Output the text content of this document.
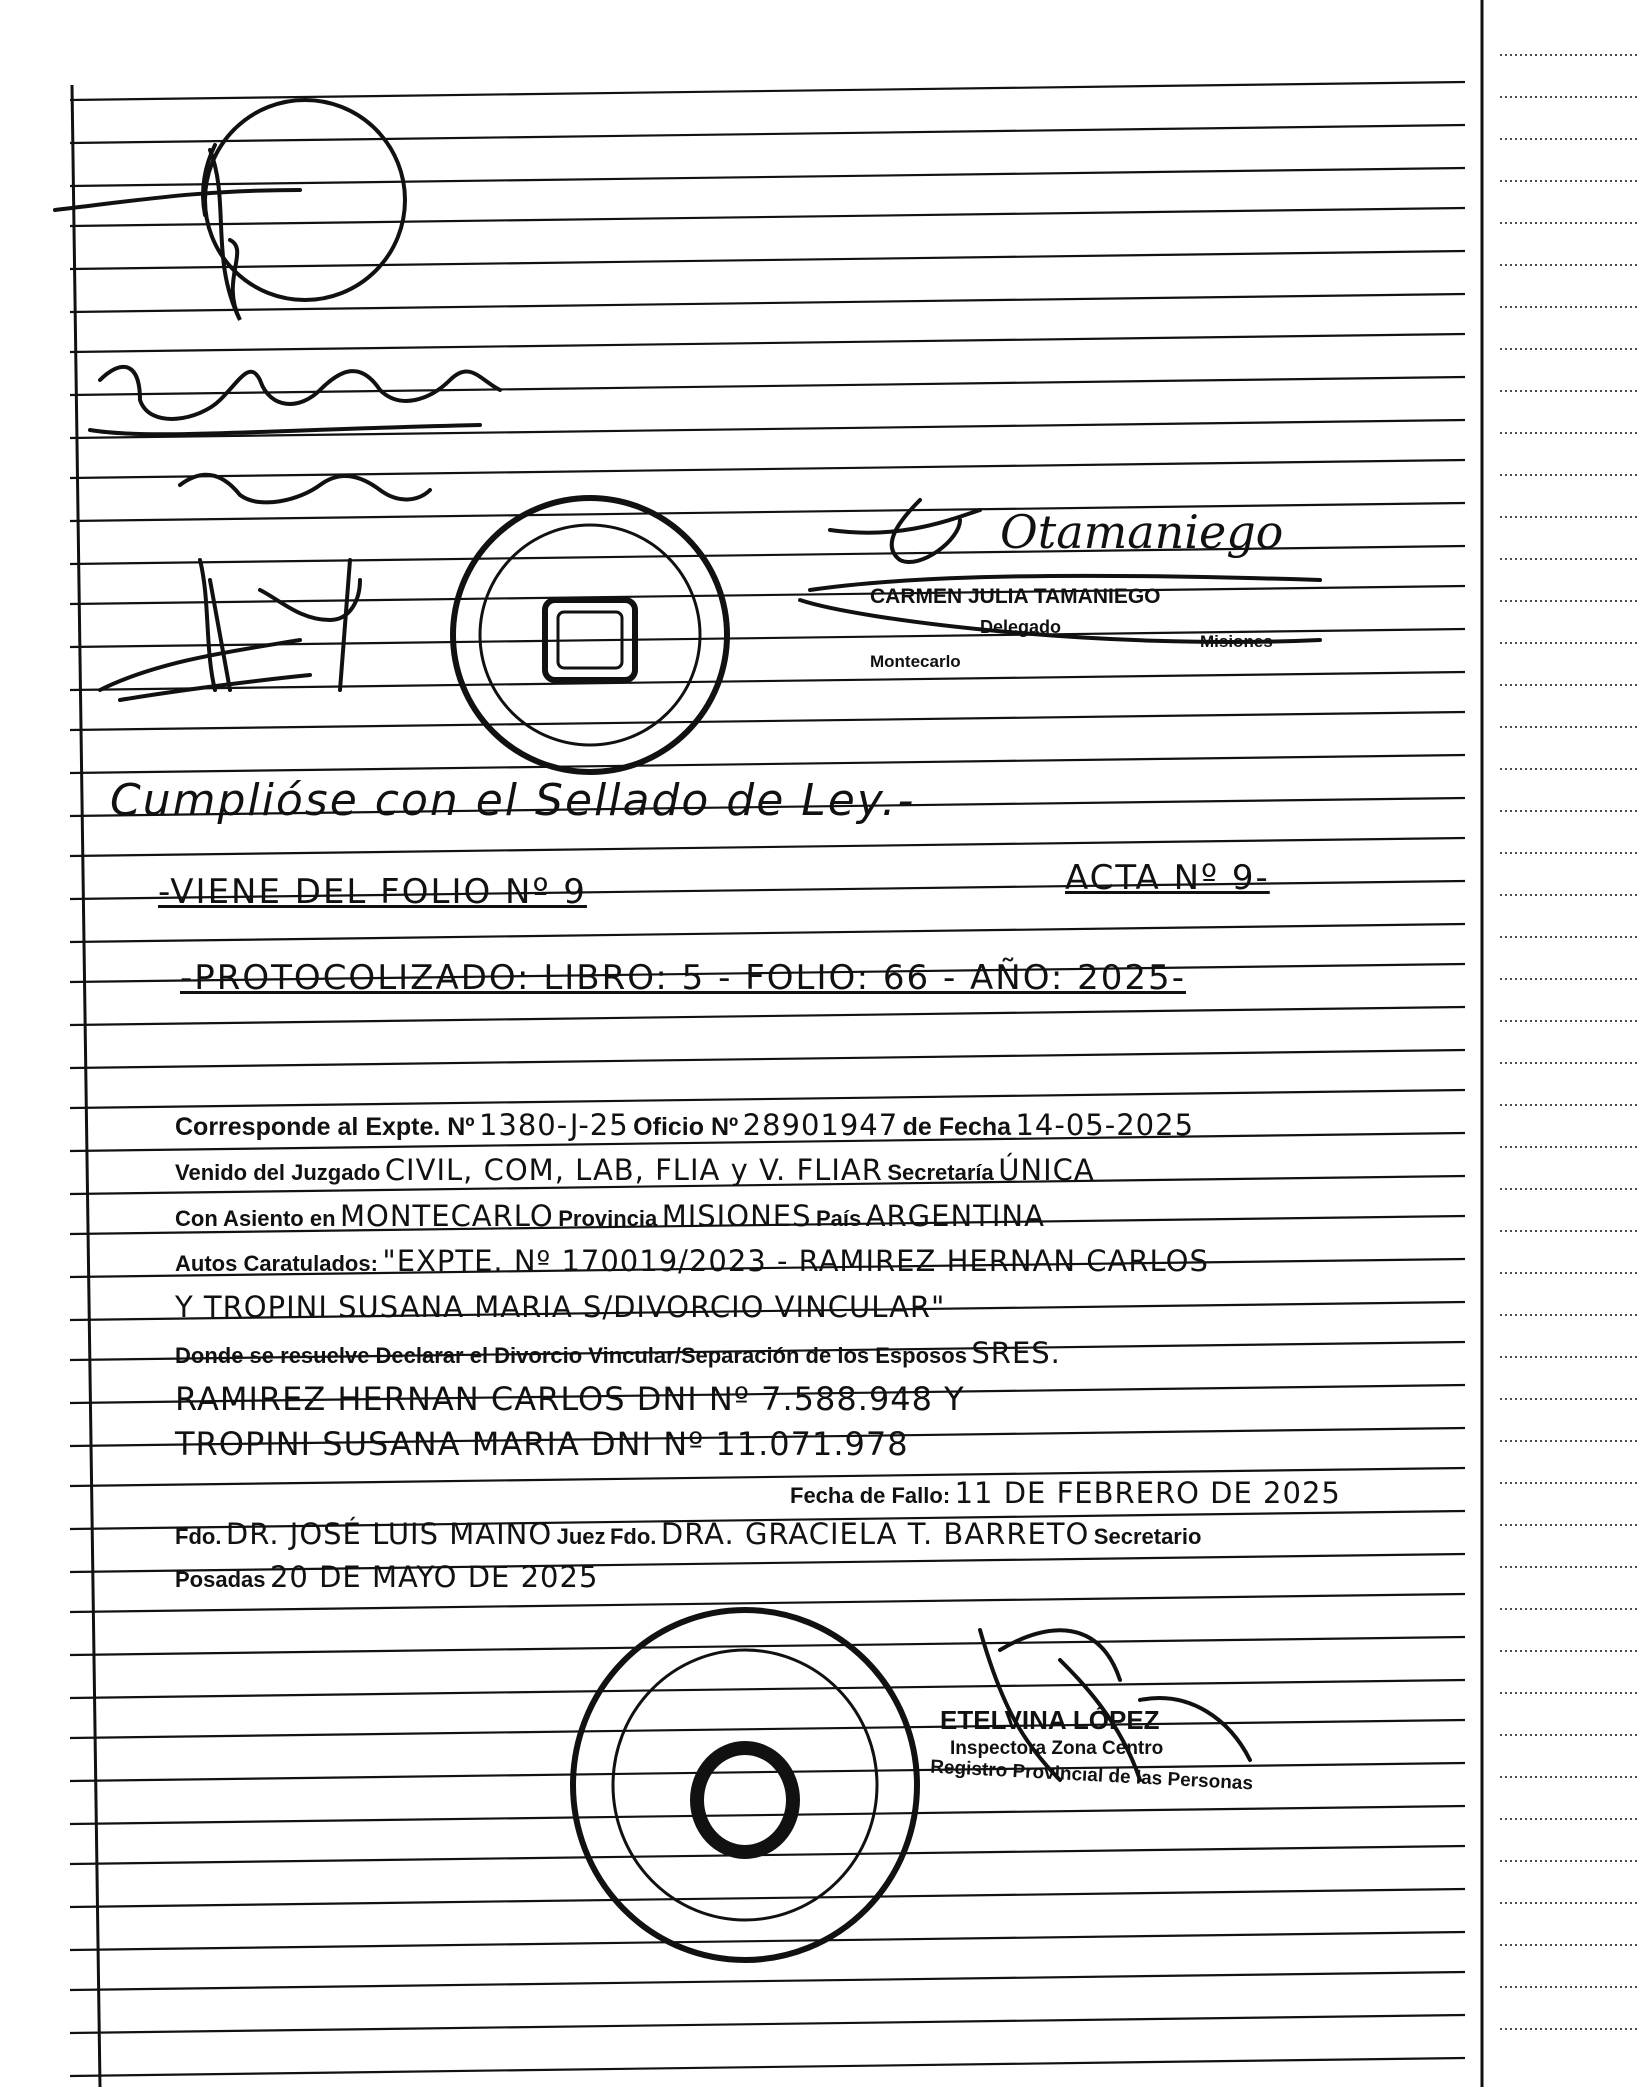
Otamaniego
CARMEN JULIA TAMANIEGO
Delegado
Montecarlo
Misiones
Cumplióse con el Sellado de Ley.-
-VIENE DEL FOLIO Nº 9	ACTA Nº 9-
-PROTOCOLIZADO: LIBRO: 5 - FOLIO: 66 - AÑO: 2025-
Corresponde al Expte. Nº 1380-J-25 Oficio Nº 28901947 de Fecha 14-05-2025
Venido del Juzgado CIVIL, COM, LAB, FLIA y V. FLIAR Secretaría ÚNICA
Con Asiento en MONTECARLO Provincia MISIONES País ARGENTINA
Autos Caratulados: "EXPTE. Nº 170019/2023 - RAMIREZ HERNAN CARLOS
Y TROPINI SUSANA MARIA S/DIVORCIO VINCULAR"
Donde se resuelve Declarar el Divorcio Vincular/Separación de los Esposos SRES.
RAMIREZ HERNAN CARLOS DNI Nº 7.588.948 Y
TROPINI SUSANA MARIA DNI Nº 11.071.978
Fecha de Fallo: 11 DE FEBRERO DE 2025
Fdo. DR. JOSÉ LUIS MAINO Juez Fdo. DRA. GRACIELA T. BARRETO Secretario
Posadas 20 DE MAYO DE 2025
ETELVINA LÓPEZ
Inspectora Zona Centro
Registro Provincial de las Personas
